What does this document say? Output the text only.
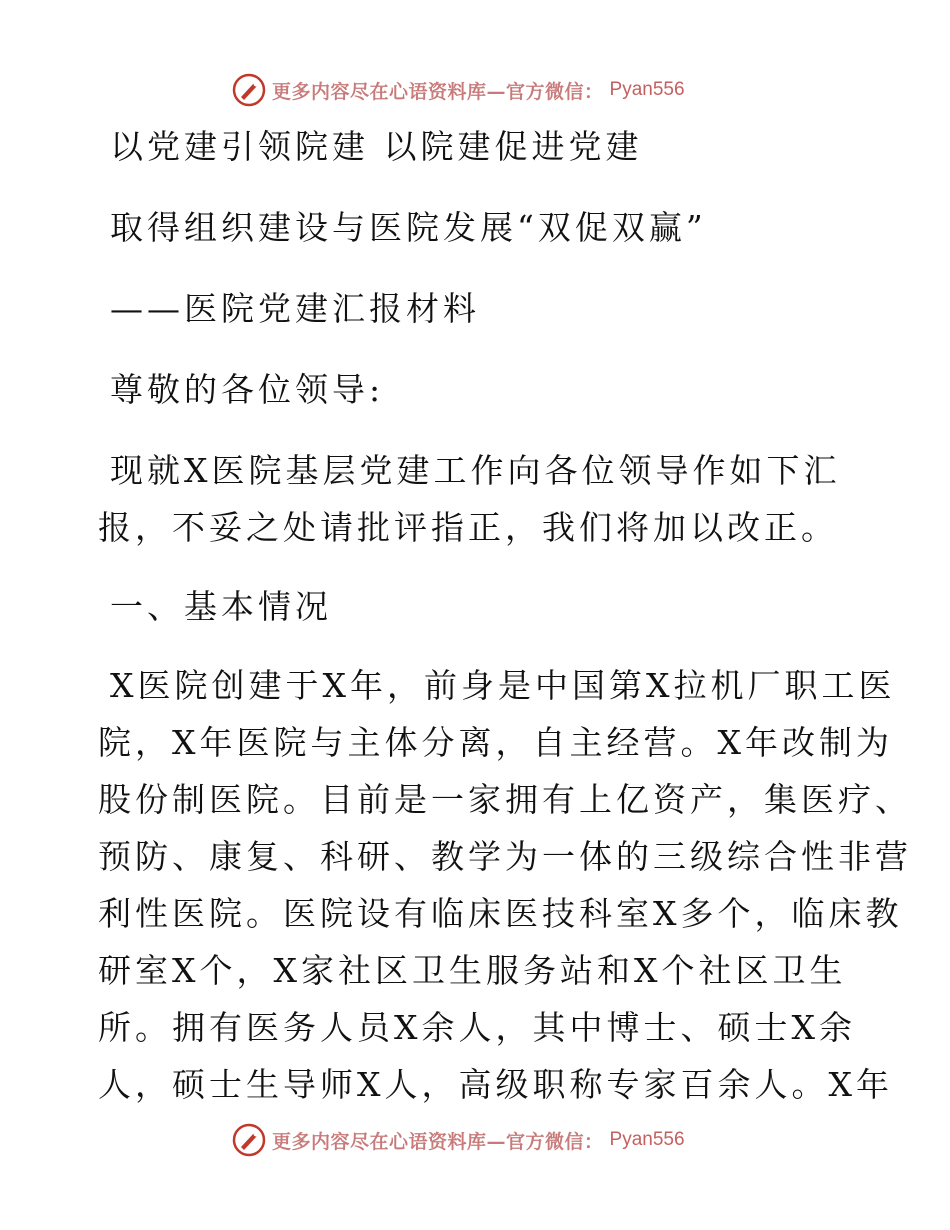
更多内容尽在心语资料库—官方微信： Pyan556

以党建引领院建 以院建促进党建

取得组织建设与医院发展“双促双赢”

——医院党建汇报材料

尊敬的各位领导:

现就X医院基层党建工作向各位领导作如下汇

报，不妥之处请批评指正，我们将加以改正。

一、基本情况

X医院创建于X年，前身是中国第X拉机厂职工医

院，X年医院与主体分离，自主经营。X年改制为

股份制医院。目前是一家拥有上亿资产，集医疗、

预防、康复、科研、教学为一体的三级综合性非营

利性医院。医院设有临床医技科室X多个，临床教

研室X个，X家社区卫生服务站和X个社区卫生

所。拥有医务人员X余人，其中博士、硕士X余

人，硕士生导师X人，高级职称专家百余人。X年

更多内容尽在心语资料库—官方微信： Pyan556
